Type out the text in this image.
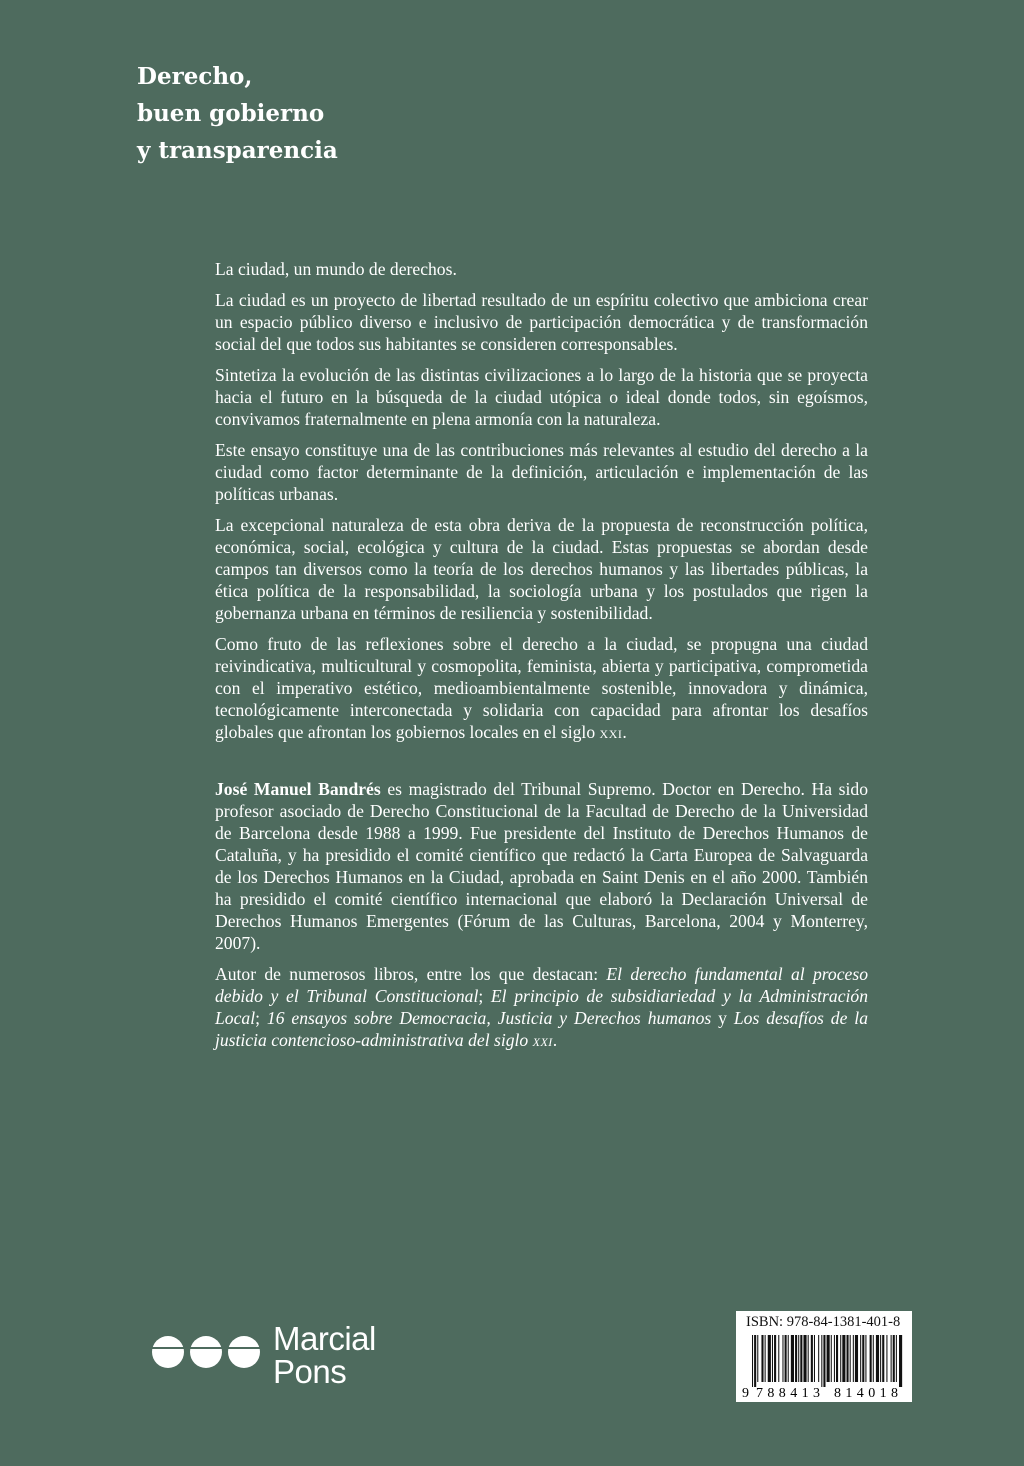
Derecho,
buen gobierno
y transparencia

La ciudad, un mundo de derechos.

La ciudad es un proyecto de libertad resultado de un espíritu colectivo que ambiciona crear un espacio público diverso e inclusivo de participación democrática y de transformación social del que todos sus habitantes se consideren corresponsables.

Sintetiza la evolución de las distintas civilizaciones a lo largo de la historia que se proyecta hacia el futuro en la búsqueda de la ciudad utópica o ideal donde todos, sin egoísmos, convivamos fraternalmente en plena armonía con la naturaleza.

Este ensayo constituye una de las contribuciones más relevantes al estudio del derecho a la ciudad como factor determinante de la definición, articulación e implementación de las políticas urbanas.

La excepcional naturaleza de esta obra deriva de la propuesta de reconstrucción política, económica, social, ecológica y cultura de la ciudad. Estas propuestas se abordan desde campos tan diversos como la teoría de los derechos humanos y las libertades públicas, la ética política de la responsabilidad, la sociología urbana y los postulados que rigen la gobernanza urbana en términos de resiliencia y sostenibilidad.

Como fruto de las reflexiones sobre el derecho a la ciudad, se propugna una ciudad reivindicativa, multicultural y cosmopolita, feminista, abierta y participativa, comprometida con el imperativo estético, medioambientalmente sostenible, innovadora y dinámica, tecnológicamente interconectada y solidaria con capacidad para afrontar los desafíos globales que afrontan los gobiernos locales en el siglo xxi.

José Manuel Bandrés es magistrado del Tribunal Supremo. Doctor en Derecho. Ha sido profesor asociado de Derecho Constitucional de la Facultad de Derecho de la Universidad de Barcelona desde 1988 a 1999. Fue presidente del Instituto de Derechos Humanos de Cataluña, y ha presidido el comité científico que redactó la Carta Europea de Salvaguarda de los Derechos Humanos en la Ciudad, aprobada en Saint Denis en el año 2000. También ha presidido el comité científico internacional que elaboró la Declaración Universal de Derechos Humanos Emergentes (Fórum de las Culturas, Barcelona, 2004 y Monterrey, 2007).

Autor de numerosos libros, entre los que destacan: El derecho fundamental al proceso debido y el Tribunal Constitucional; El principio de subsidiariedad y la Administración Local; 16 ensayos sobre Democracia, Justicia y Derechos humanos y Los desafíos de la justicia contencioso-administrativa del siglo xxi.

Marcial
Pons
ISBN: 978-84-1381-401-8
9 788413 814018
